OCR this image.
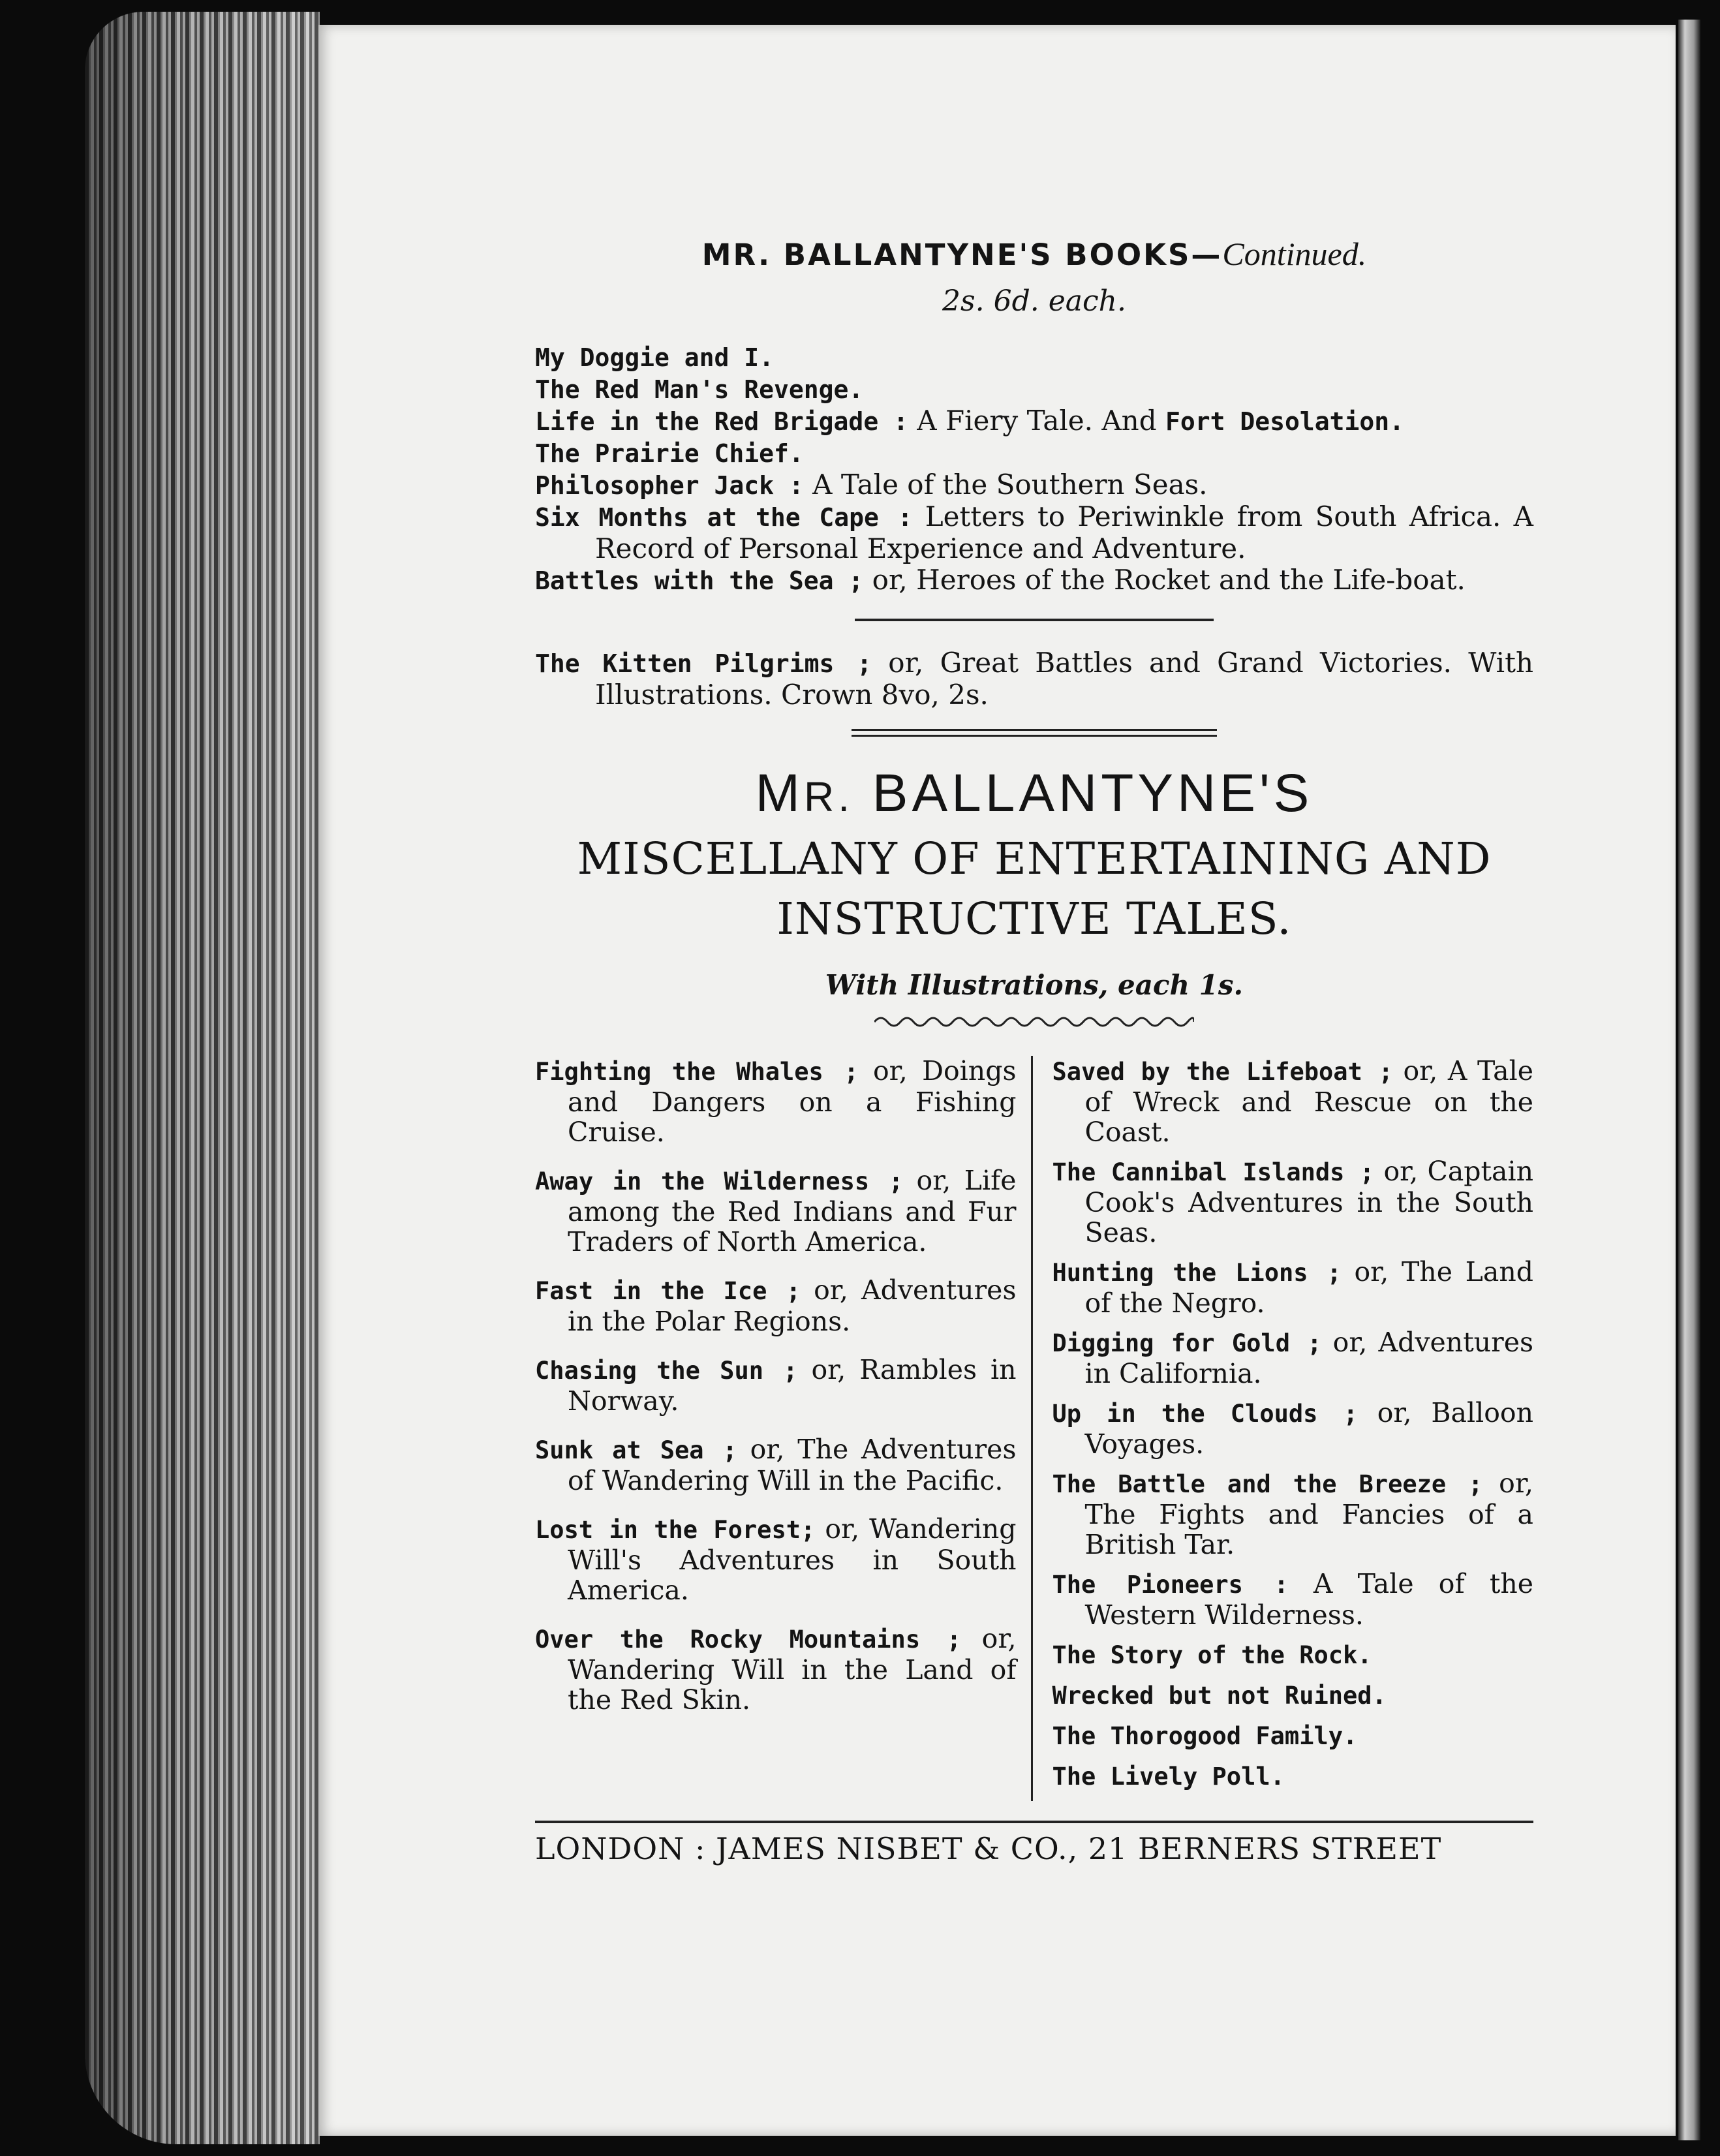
MR. BALLANTYNE'S BOOKS—Continued.

2s. 6d. each.

My Doggie and I.

The Red Man's Revenge.

Life in the Red Brigade : A Fiery Tale. And Fort Desolation.

The Prairie Chief.

Philosopher Jack : A Tale of the Southern Seas.

Six Months at the Cape : Letters to Periwinkle from South Africa. A Record of Personal Experience and Adventure.

Battles with the Sea ; or, Heroes of the Rocket and the Life-boat.

The Kitten Pilgrims ; or, Great Battles and Grand Victories. With Illustrations. Crown 8vo, 2s.

MR. BALLANTYNE'S

MISCELLANY OF ENTERTAINING AND

INSTRUCTIVE TALES.

With Illustrations, each 1s.

Fighting the Whales ; or, Doings and Dangers on a Fishing Cruise.

Away in the Wilderness ; or, Life among the Red Indians and Fur Traders of North America.

Fast in the Ice ; or, Adventures in the Polar Regions.

Chasing the Sun ; or, Rambles in Norway.

Sunk at Sea ; or, The Adventures of Wandering Will in the Pacific.

Lost in the Forest; or, Wandering Will's Adventures in South America.

Over the Rocky Mountains ; or, Wandering Will in the Land of the Red Skin.

Saved by the Lifeboat ; or, A Tale of Wreck and Rescue on the Coast.

The Cannibal Islands ; or, Captain Cook's Adventures in the South Seas.

Hunting the Lions ; or, The Land of the Negro.

Digging for Gold ; or, Adventures in California.

Up in the Clouds ; or, Balloon Voyages.

The Battle and the Breeze ; or, The Fights and Fancies of a British Tar.

The Pioneers : A Tale of the Western Wilderness.

The Story of the Rock.

Wrecked but not Ruined.

The Thorogood Family.

The Lively Poll.

LONDON : JAMES NISBET & CO., 21 BERNERS STREET
